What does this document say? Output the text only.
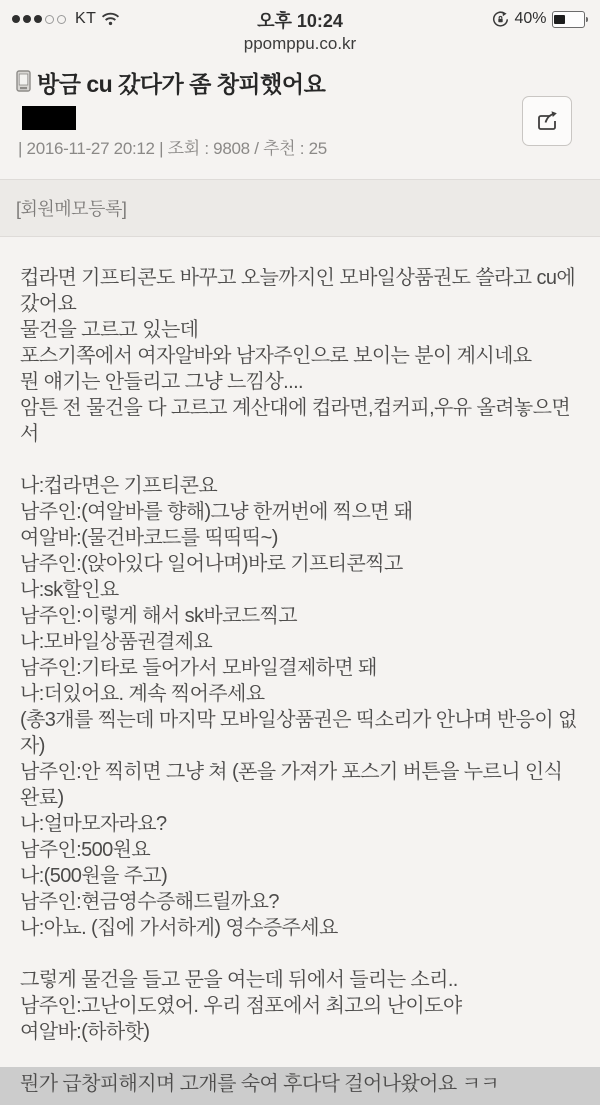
KT	오후 10:24	40%
ppomppu.co.kr
방금 cu 갔다가 좀 창피했어요
| 2016-11-27 20:12 | 조회 : 9808 / 추천 : 25
[회원메모등록]

컵라면 기프티콘도 바꾸고 오늘까지인 모바일상품권도 쓸라고 cu에 갔어요

물건을 고르고 있는데

포스기쪽에서 여자알바와 남자주인으로 보이는 분이 계시네요

뭔 얘기는 안들리고 그냥 느낌상....

암튼 전 물건을 다 고르고 계산대에 컵라면,컵커피,우유 올려놓으면서

나:컵라면은 기프티콘요

남주인:(여알바를 향해)그냥 한꺼번에 찍으면 돼

여알바:(물건바코드를 띡띡띡~)

남주인:(앉아있다 일어나며)바로 기프티콘찍고

나:sk할인요

남주인:이렇게 해서 sk바코드찍고

나:모바일상품권결제요

남주인:기타로 들어가서 모바일결제하면 돼

나:더있어요. 계속 찍어주세요

(총3개를 찍는데 마지막 모바일상품권은 띡소리가 안나며 반응이 없자)

남주인:안 찍히면 그냥 쳐 (폰을 가져가 포스기 버튼을 누르니 인식완료)

나:얼마모자라요?

남주인:500원요

나:(500원을 주고)

남주인:현금영수증해드릴까요?

나:아뇨. (집에 가서하게) 영수증주세요

그렇게 물건을 들고 문을 여는데 뒤에서 들리는 소리..

남주인:고난이도였어. 우리 점포에서 최고의 난이도야

여알바:(하하핫)

뭔가 급창피해지며 고개를 숙여 후다닥 걸어나왔어요 ㅋㅋ
